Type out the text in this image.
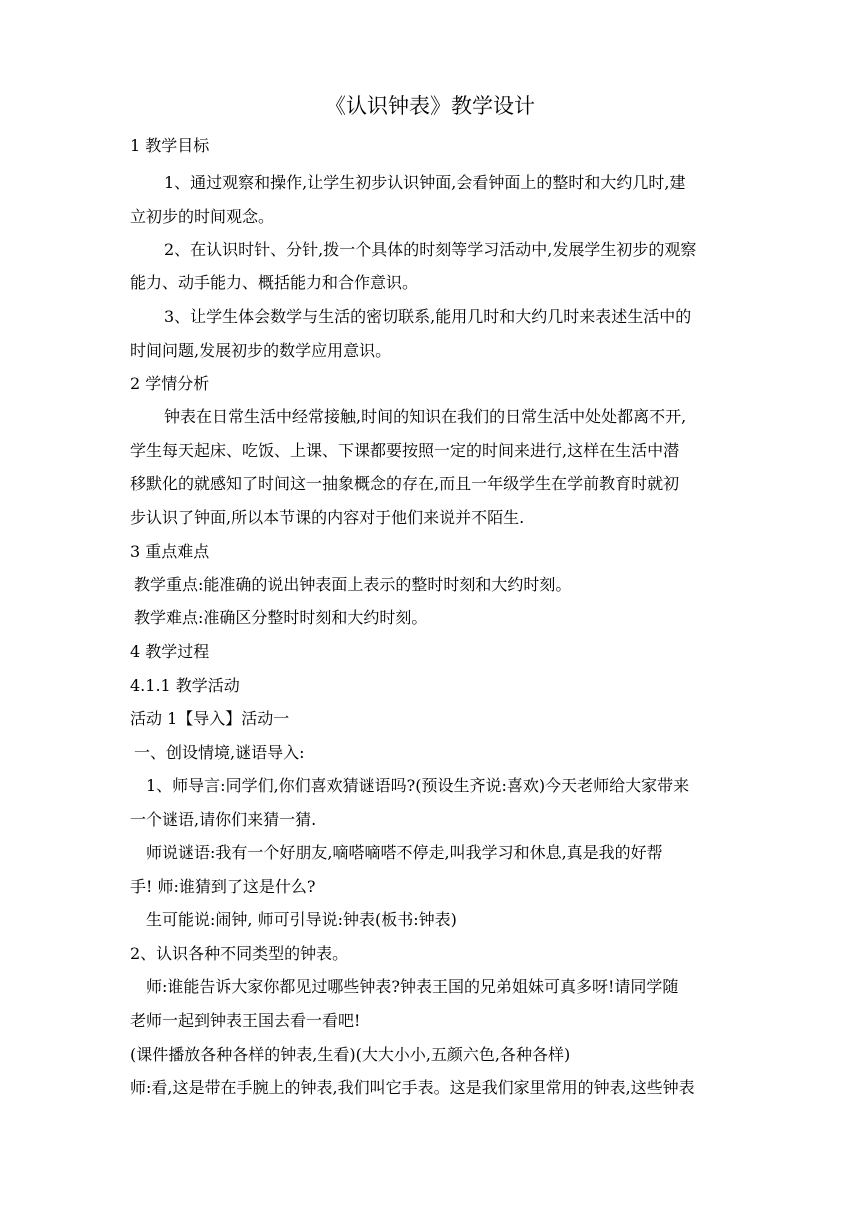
《认识钟表》教学设计
1 教学目标
1、通过观察和操作,让学生初步认识钟面,会看钟面上的整时和大约几时,建
立初步的时间观念。
2、在认识时针、分针,拨一个具体的时刻等学习活动中,发展学生初步的观察
能力、动手能力、概括能力和合作意识。
3、让学生体会数学与生活的密切联系,能用几时和大约几时来表述生活中的
时间问题,发展初步的数学应用意识。
2 学情分析
钟表在日常生活中经常接触,时间的知识在我们的日常生活中处处都离不开,
学生每天起床、吃饭、上课、下课都要按照一定的时间来进行,这样在生活中潜
移默化的就感知了时间这一抽象概念的存在,而且一年级学生在学前教育时就初
步认识了钟面,所以本节课的内容对于他们来说并不陌生.
3 重点难点
教学重点:能准确的说出钟表面上表示的整时时刻和大约时刻。
教学难点:准确区分整时时刻和大约时刻。
4 教学过程
4.1.1 教学活动
活动 1【导入】活动一
一、创设情境,谜语导入:
1、师导言:同学们,你们喜欢猜谜语吗?(预设生齐说:喜欢)今天老师给大家带来
一个谜语,请你们来猜一猜.
师说谜语:我有一个好朋友,嘀嗒嘀嗒不停走,叫我学习和休息,真是我的好帮
手! 师:谁猜到了这是什么?
生可能说:闹钟, 师可引导说:钟表(板书:钟表)
2、认识各种不同类型的钟表。
师:谁能告诉大家你都见过哪些钟表?钟表王国的兄弟姐妹可真多呀!请同学随
老师一起到钟表王国去看一看吧!
(课件播放各种各样的钟表,生看)(大大小小,五颜六色,各种各样)
师:看,这是带在手腕上的钟表,我们叫它手表。这是我们家里常用的钟表,这些钟表
